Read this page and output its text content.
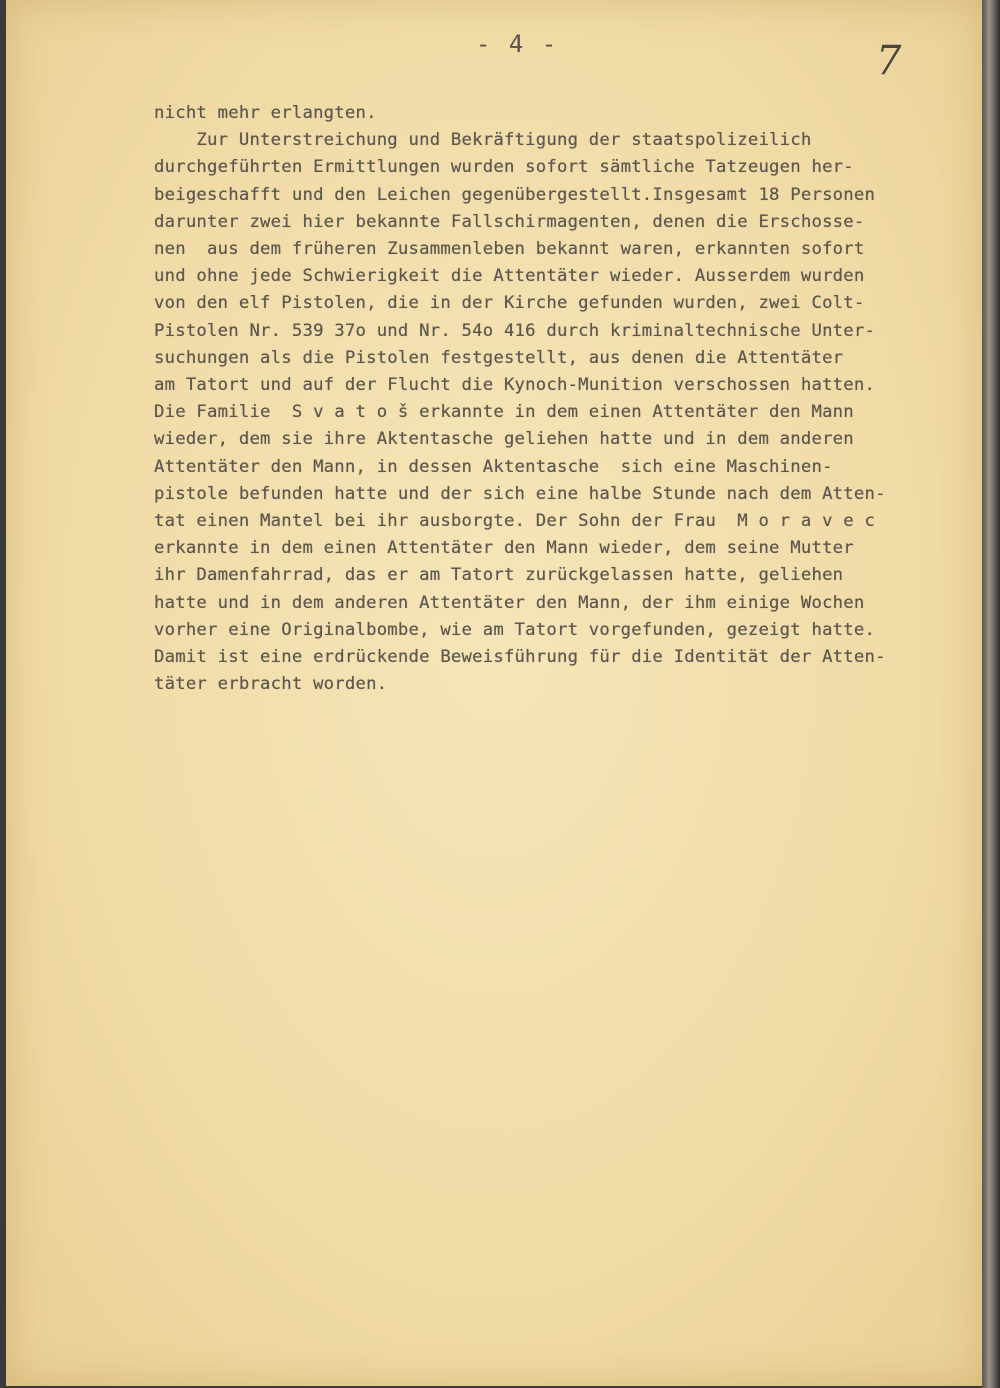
- 4 -	7
nicht mehr erlangten.
Zur Unterstreichung und Bekräftigung der staatspolizeilich
durchgeführten Ermittlungen wurden sofort sämtliche Tatzeugen her-
beigeschafft und den Leichen gegenübergestellt.Insgesamt 18 Personen
darunter zwei hier bekannte Fallschirmagenten, denen die Erschosse-
nen  aus dem früheren Zusammenleben bekannt waren, erkannten sofort
und ohne jede Schwierigkeit die Attentäter wieder. Ausserdem wurden
von den elf Pistolen, die in der Kirche gefunden wurden, zwei Colt-
Pistolen Nr. 539 37o und Nr. 54o 416 durch kriminaltechnische Unter-
suchungen als die Pistolen festgestellt, aus denen die Attentäter
am Tatort und auf der Flucht die Kynoch-Munition verschossen hatten.
Die Familie  S v a t o š erkannte in dem einen Attentäter den Mann
wieder, dem sie ihre Aktentasche geliehen hatte und in dem anderen
Attentäter den Mann, in dessen Aktentasche  sich eine Maschinen-
pistole befunden hatte und der sich eine halbe Stunde nach dem Atten-
tat einen Mantel bei ihr ausborgte. Der Sohn der Frau  M o r a v e c
erkannte in dem einen Attentäter den Mann wieder, dem seine Mutter
ihr Damenfahrrad, das er am Tatort zurückgelassen hatte, geliehen
hatte und in dem anderen Attentäter den Mann, der ihm einige Wochen
vorher eine Originalbombe, wie am Tatort vorgefunden, gezeigt hatte.
Damit ist eine erdrückende Beweisführung für die Identität der Atten-
täter erbracht worden.
